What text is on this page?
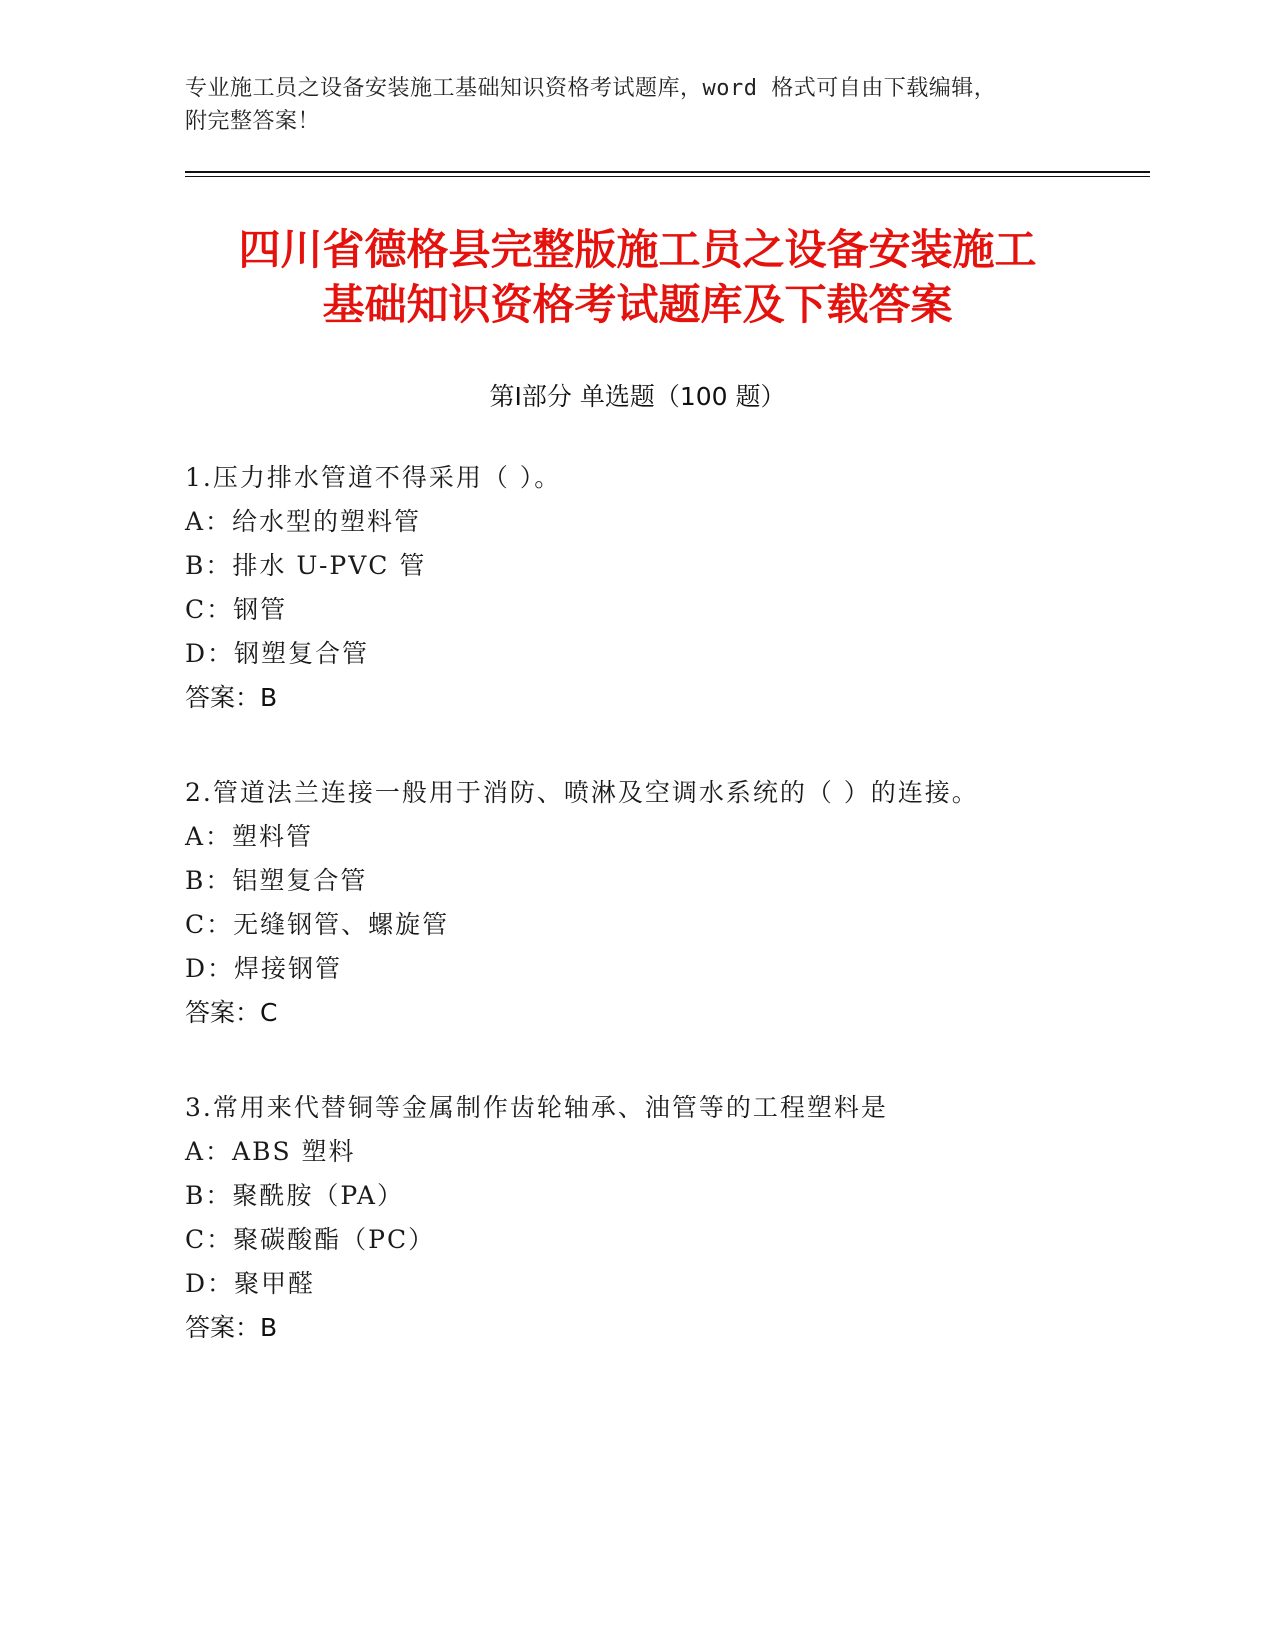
专业施工员之设备安装施工基础知识资格考试题库，word 格式可自由下载编辑，
附完整答案！
四川省德格县完整版施工员之设备安装施工
基础知识资格考试题库及下载答案
第Ⅰ部分 单选题（100 题）
1.压力排水管道不得采用（ ）。
A：给水型的塑料管
B：排水 U-PVC 管
C：钢管
D：钢塑复合管
答案：B
2.管道法兰连接一般用于消防、喷淋及空调水系统的（ ）的连接。
A：塑料管
B：铝塑复合管
C：无缝钢管、螺旋管
D：焊接钢管
答案：C
3.常用来代替铜等金属制作齿轮轴承、油管等的工程塑料是
A：ABS 塑料
B：聚酰胺（PA）
C：聚碳酸酯（PC）
D：聚甲醛
答案：B
